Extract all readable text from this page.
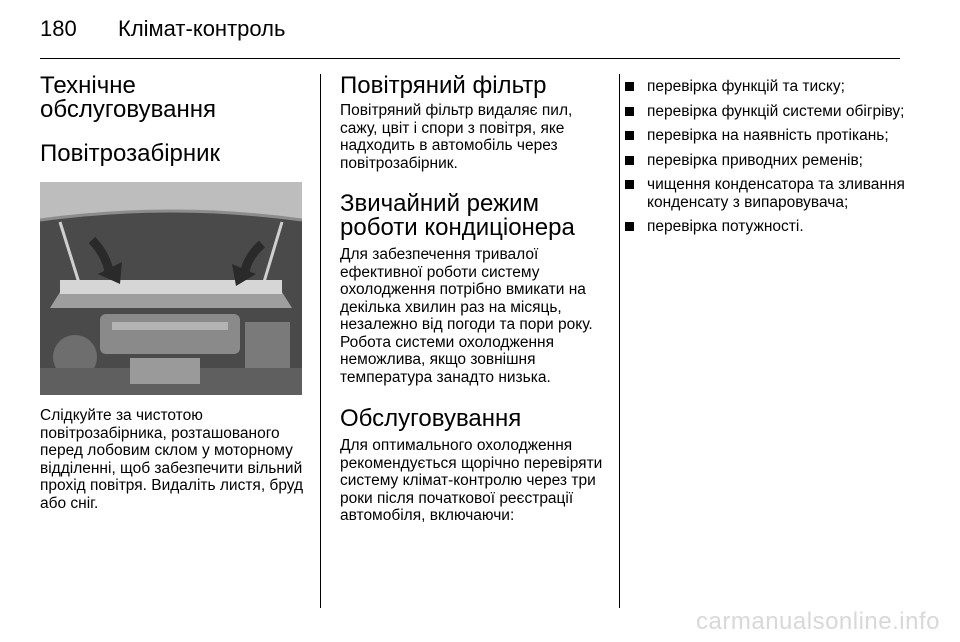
180 Клімат-контроль
Технічне обслуговування
Повітрозабірник

Слідкуйте за чистотою повітрозабірника, розташованого перед лобовим склом у моторному відділенні, щоб забезпечити вільний прохід повітря. Видаліть листя, бруд або сніг.

Повітряний фільтр

Повітряний фільтр видаляє пил, сажу, цвіт і спори з повітря, яке надходить в автомобіль через повітрозабірник.

Звичайний режим роботи кондиціонера

Для забезпечення тривалої ефективної роботи систему охолодження потрібно вмикати на декілька хвилин раз на місяць, незалежно від погоди та пори року. Робота системи охолодження неможлива, якщо зовнішня температура занадто низька.

Обслуговування

Для оптимального охолодження рекомендується щорічно перевіряти систему клімат-контролю через три роки після початкової реєстрації автомобіля, включаючи:

перевірка функцій та тиску;
перевірка функцій системи обігріву;
перевірка на наявність протікань;
перевірка приводних ременів;
чищення конденсатора та зливання конденсату з випаровувача;
перевірка потужності.
carmanualsonline.info
